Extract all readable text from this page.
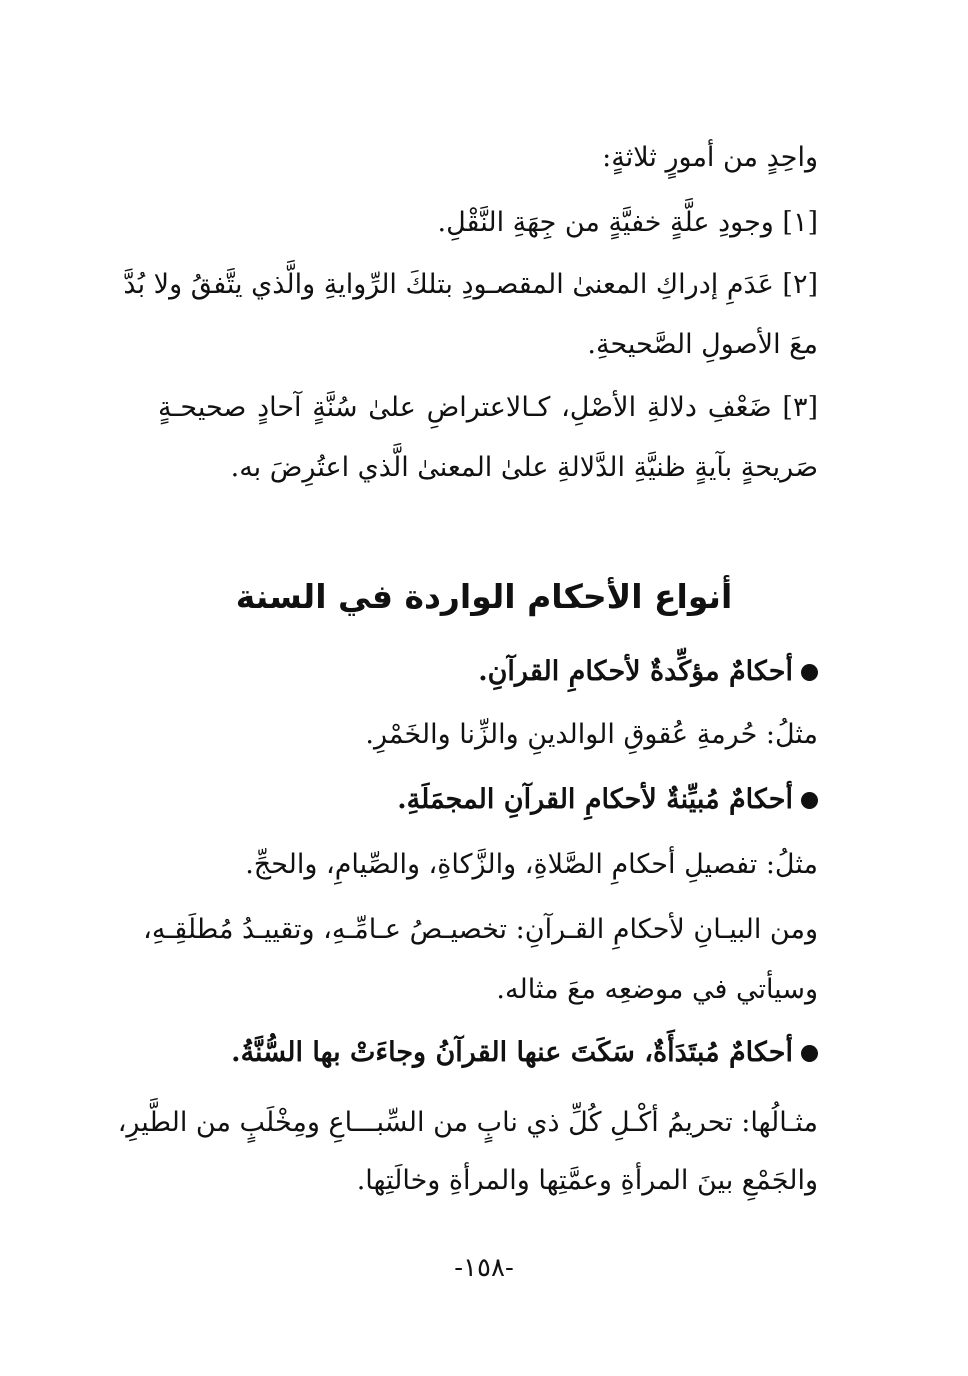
واحِدٍ من أمورٍ ثلاثةٍ:
[١] وجودِ علَّةٍ خفيَّةٍ من جِهَةِ النَّقْلِ.
[٢] عَدَمِ إدراكِ المعنىٰ المقصـودِ بتلكَ الرِّوايةِ والَّذي يتَّفقُ ولا بُدَّ
معَ الأصولِ الصَّحيحةِ.
[٣] ضَعْفِ دلالةِ الأصْلِ، كـالاعتراضِ علىٰ سُنَّةٍ آحادٍ صحيحـةٍ
صَريحةٍ بآيةٍ ظنيَّةِ الدَّلالةِ علىٰ المعنىٰ الَّذي اعتُرِضَ به.
أنواع الأحكام الواردة في السنة
أحكامٌ مؤكِّدةٌ لأحكامِ القرآنِ.
مثلُ: حُرمةِ عُقوقِ الوالدينِ والزِّنا والخَمْرِ.
أحكامٌ مُبيِّنةٌ لأحكامِ القرآنِ المجمَلَةِ.
مثلُ: تفصيلِ أحكامِ الصَّلاةِ، والزَّكاةِ، والصِّيامِ، والحجِّ.
ومن البيـانِ لأحكامِ القـرآنِ: تخصيـصُ عـامِّـهِ، وتقييـدُ مُطلَقِـهِ،
وسيأتي في موضعِه معَ مثاله.
أحكامٌ مُبتَدَأَةٌ، سَكَتَ عنها القرآنُ وجاءَتْ بها السُّنَّةُ.
مثـالُها: تحريمُ أكْـلِ كُلِّ ذي نابٍ من السِّبـــاعِ ومِخْلَبٍ من الطَّيرِ،
والجَمْعِ بينَ المرأةِ وعمَّتِها والمرأةِ وخالَتِها.
-١٥٨-
